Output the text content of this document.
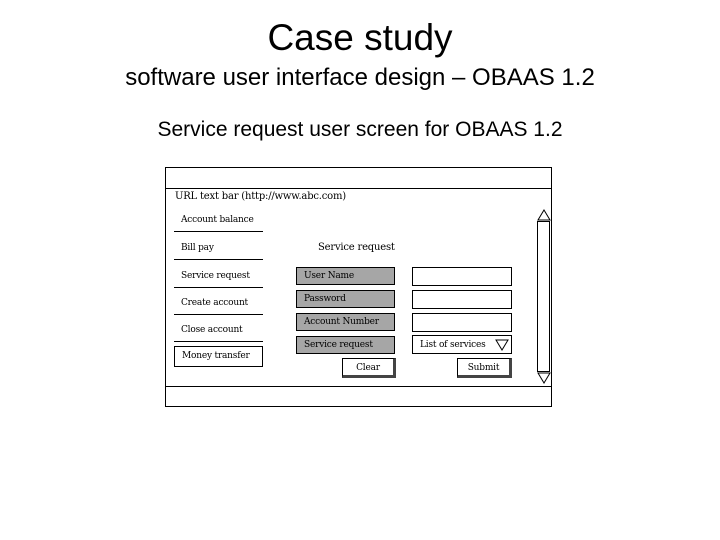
Case study
software user interface design – OBAAS 1.2
Service request user screen for OBAAS 1.2
URL text bar (http://www.abc.com)
Account balance
Bill pay
Service request
Create account
Close account
Money transfer
Service request
User Name
Password
Account Number
Service request	List of services
Clear	Submit
